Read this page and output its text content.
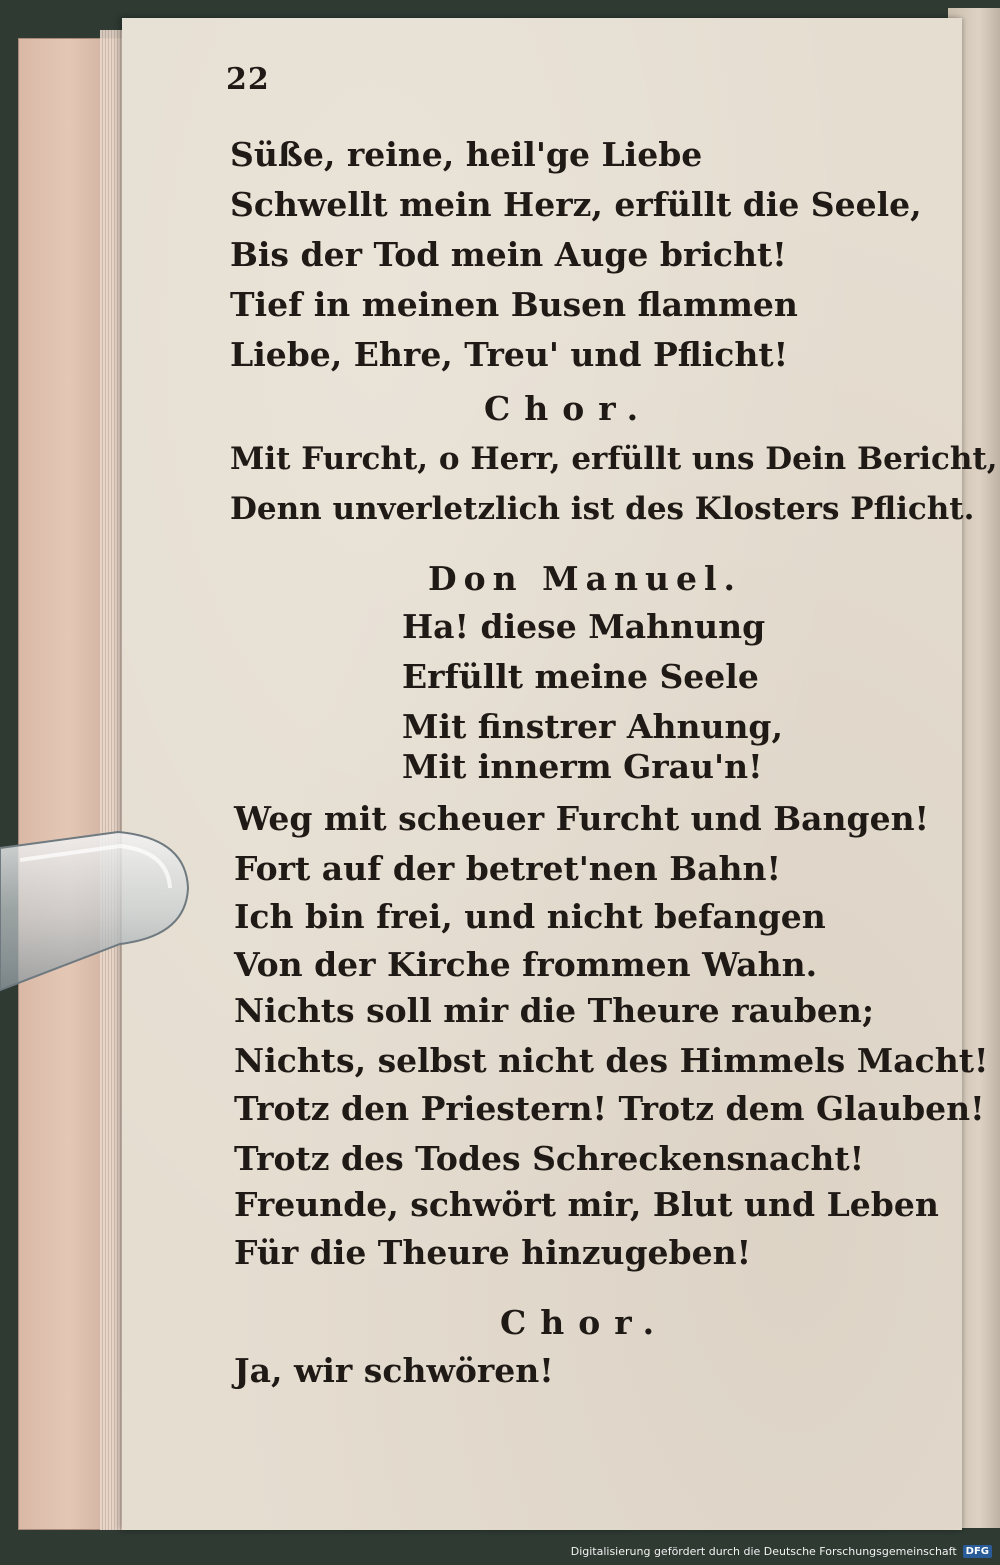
22
Süße, reine, heil'ge Liebe
Schwellt mein Herz, erfüllt die Seele,
Bis der Tod mein Auge bricht!
Tief in meinen Busen flammen
Liebe, Ehre, Treu' und Pflicht!
Chor.
Mit Furcht, o Herr, erfüllt uns Dein Bericht,
Denn unverletzlich ist des Klosters Pflicht.
Don Manuel.
Ha! diese Mahnung
Erfüllt meine Seele
Mit finstrer Ahnung,
Mit innerm Grau'n!
Weg mit scheuer Furcht und Bangen!
Fort auf der betret'nen Bahn!
Ich bin frei, und nicht befangen
Von der Kirche frommen Wahn.
Nichts soll mir die Theure rauben;
Nichts, selbst nicht des Himmels Macht!
Trotz den Priestern! Trotz dem Glauben!
Trotz des Todes Schreckensnacht!
Freunde, schwört mir, Blut und Leben
Für die Theure hinzugeben!
Chor.
Ja, wir schwören!
Digitalisierung gefördert durch die Deutsche Forschungsgemeinschaft DFG
